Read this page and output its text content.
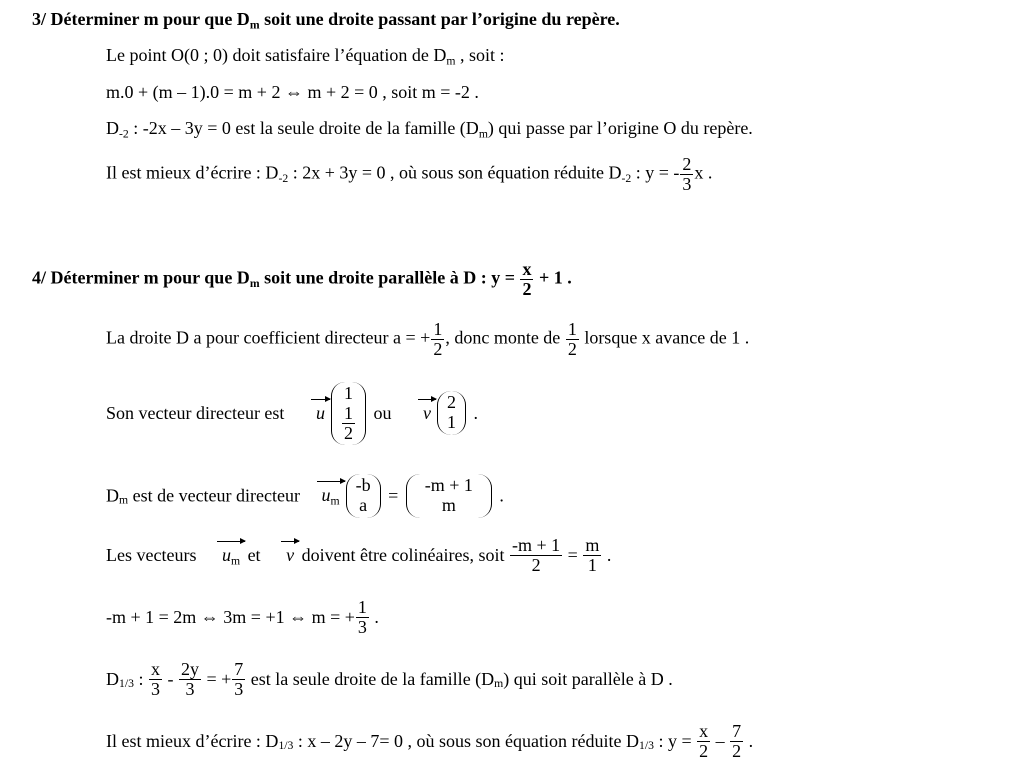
3/ Déterminer m pour que $D_m$ soit une droite passant par l’origine du repère.
Le point O(0 ; 0) doit satisfaire l’équation de $D_m$ , soit :
m.0 + (m – 1).0 = m + 2 ⇔ m + 2 = 0 , soit m = -2 .
$D_{-2}$ : -2x – 3y = 0 est la seule droite de la famille $(D_m)$ qui passe par l’origine O du repère.
Il est mieux d’écrire : $D_{-2}$ : 2x + 3y = 0 , où sous son équation réduite $D_{-2}$ : y = - $\frac{2}{3}$ x .
4/ Déterminer m pour que $D_m$ soit une droite parallèle à D : $y = \frac{x}{2} + 1$ .
La droite D a pour coefficient directeur a = + $\frac{1}{2}$ , donc monte de $\frac{1}{2}$ lorsque x avance de 1 .
Son vecteur directeur est u
1
$\frac{1}{2}$ ou v
2
1 .
$D_m$ est de vecteur directeur $u_m$
-b
a =
-m + 1
m .
Les vecteurs $u_m$ et v doivent être colinéaires, soit $\frac{-m + 1}{2} = \frac{m}{1}$ .
-m + 1 = 2m ⇔ 3m = +1 ⇔ m = + $\frac{1}{3}$ .
$D_{1/3}$ : $\frac{x}{3} - \frac{2y}{3}$ = + $\frac{7}{3}$ est la seule droite de la famille $(D_m)$ qui soit parallèle à D .
Il est mieux d’écrire : $D_{1/3}$ : x – 2y – 7= 0 , où sous son équation réduite $D_{1/3}$ : $y = \frac{x}{2} - \frac{7}{2}$ .
